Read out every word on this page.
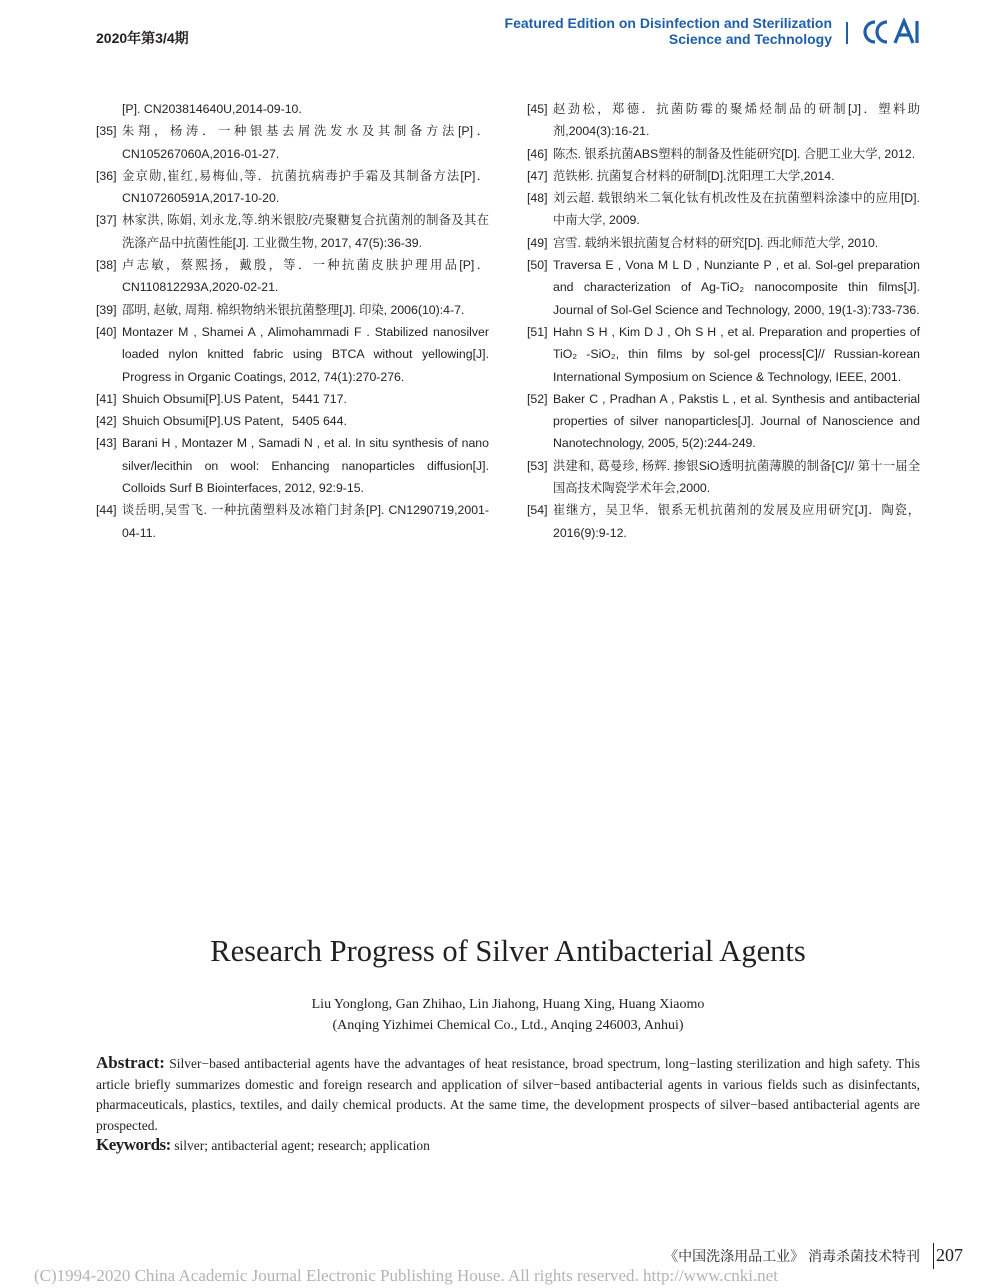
2020年第3/4期
Featured Edition on Disinfection and Sterilization
Science and Technology
[P]. CN203814640U,2014-09-10.
[35] 朱翔，杨涛．一种银基去屑洗发水及其制备方法[P]．CN105267060A,2016-01-27.
[36] 金京勋,崔红,易梅仙,等．抗菌抗病毒护手霜及其制备方法[P]．CN107260591A,2017-10-20.
[37] 林家洪, 陈娟, 刘永龙,等.纳米银胶/壳聚糖复合抗菌剂的制备及其在洗涤产品中抗菌性能[J]. 工业微生物, 2017, 47(5):36-39.
[38] 卢志敏，蔡熙扬，戴殷，等．一种抗菌皮肤护理用品[P]．CN110812293A,2020-02-21.
[39] 邵明, 赵敏, 周翔. 棉织物纳米银抗菌整理[J]. 印染, 2006(10):4-7.
[40] Montazer M , Shamei A , Alimohammadi F . Stabilized nanosilver loaded nylon knitted fabric using BTCA without yellowing[J]. Progress in Organic Coatings, 2012, 74(1):270-276.
[41] Shuich Obsumi[P].US Patent，5441 717.
[42] Shuich Obsumi[P].US Patent，5405 644.
[43] Barani H , Montazer M , Samadi N , et al. In situ synthesis of nano silver/lecithin on wool: Enhancing nanoparticles diffusion[J]. Colloids Surf B Biointerfaces, 2012, 92:9-15.
[44] 谈岳明,吴雪飞. 一种抗菌塑料及冰箱门封条[P]. CN1290719,2001-04-11.
[45] 赵劲松，郑德．抗菌防霉的聚烯烃制品的研制[J]．塑料助剂,2004(3):16-21.
[46] 陈杰. 银系抗菌ABS塑料的制备及性能研究[D]. 合肥工业大学, 2012.
[47] 范铁彬. 抗菌复合材料的研制[D].沈阳理工大学,2014.
[48] 刘云超. 载银纳米二氧化钛有机改性及在抗菌塑料涂漆中的应用[D]. 中南大学, 2009.
[49] 宫雪. 载纳米银抗菌复合材料的研究[D]. 西北师范大学, 2010.
[50] Traversa E , Vona M L D , Nunziante P , et al. Sol-gel preparation and characterization of Ag-TiO₂ nanocomposite thin films[J]. Journal of Sol-Gel Science and Technology, 2000, 19(1-3):733-736.
[51] Hahn S H , Kim D J , Oh S H , et al. Preparation and properties of TiO₂ -SiO₂, thin films by sol-gel process[C]// Russian-korean International Symposium on Science & Technology, IEEE, 2001.
[52] Baker C , Pradhan A , Pakstis L , et al. Synthesis and antibacterial properties of silver nanoparticles[J]. Journal of Nanoscience and Nanotechnology, 2005, 5(2):244-249.
[53] 洪建和, 葛曼珍, 杨辉. 掺银SiO透明抗菌薄膜的制备[C]// 第十一届全国高技术陶瓷学术年会,2000.
[54] 崔继方，吴卫华．银系无机抗菌剂的发展及应用研究[J]．陶瓷，2016(9):9-12.
Research Progress of Silver Antibacterial Agents
Liu Yonglong, Gan Zhihao, Lin Jiahong, Huang Xing, Huang Xiaomo
(Anqing Yizhimei Chemical Co., Ltd., Anqing 246003, Anhui)
Abstract: Silver−based antibacterial agents have the advantages of heat resistance, broad spectrum, long−lasting sterilization and high safety. This article briefly summarizes domestic and foreign research and application of silver−based antibacterial agents in various fields such as disinfectants, pharmaceuticals, plastics, textiles, and daily chemical products. At the same time, the development prospects of silver−based antibacterial agents are prospected.
Keywords: silver; antibacterial agent; research; application
《中国洗涤用品工业》 消毒杀菌技术特刊 207
(C)1994-2020 China Academic Journal Electronic Publishing House. All rights reserved. http://www.cnki.net
